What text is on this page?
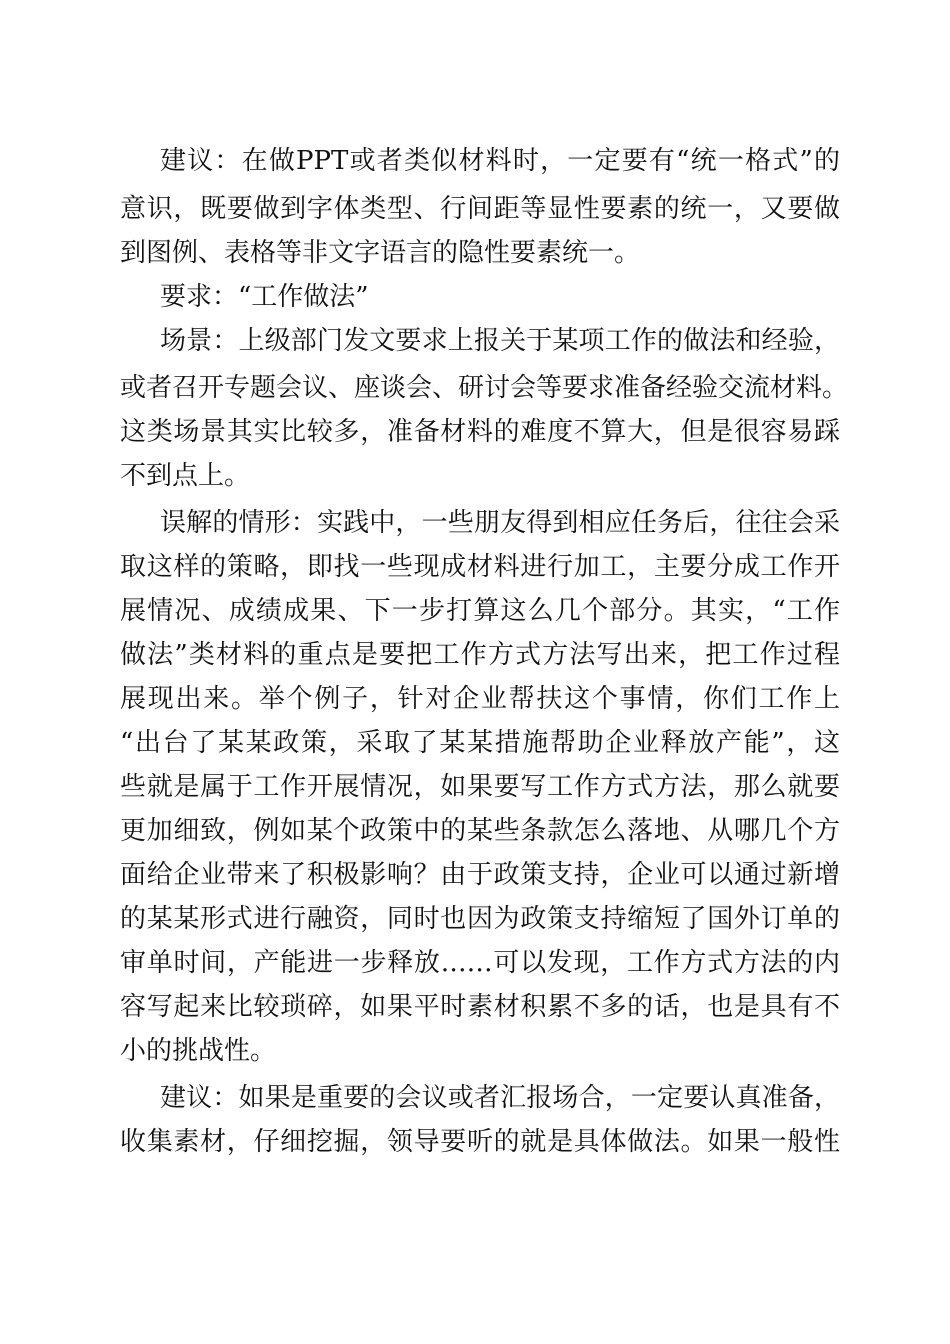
建议：在做PPT或者类似材料时，一定要有“统一格式”的
意识，既要做到字体类型、行间距等显性要素的统一，又要做
到图例、表格等非文字语言的隐性要素统一。
要求：“工作做法”
场景：上级部门发文要求上报关于某项工作的做法和经验，
或者召开专题会议、座谈会、研讨会等要求准备经验交流材料。
这类场景其实比较多，准备材料的难度不算大，但是很容易踩
不到点上。
误解的情形：实践中，一些朋友得到相应任务后，往往会采
取这样的策略，即找一些现成材料进行加工，主要分成工作开
展情况、成绩成果、下一步打算这么几个部分。其实，“工作
做法”类材料的重点是要把工作方式方法写出来，把工作过程
展现出来。举个例子，针对企业帮扶这个事情，你们工作上
“出台了某某政策，采取了某某措施帮助企业释放产能”，这
些就是属于工作开展情况，如果要写工作方式方法，那么就要
更加细致，例如某个政策中的某些条款怎么落地、从哪几个方
面给企业带来了积极影响？由于政策支持，企业可以通过新增
的某某形式进行融资，同时也因为政策支持缩短了国外订单的
审单时间，产能进一步释放……可以发现，工作方式方法的内
容写起来比较琐碎，如果平时素材积累不多的话，也是具有不
小的挑战性。
建议：如果是重要的会议或者汇报场合，一定要认真准备，
收集素材，仔细挖掘，领导要听的就是具体做法。如果一般性
